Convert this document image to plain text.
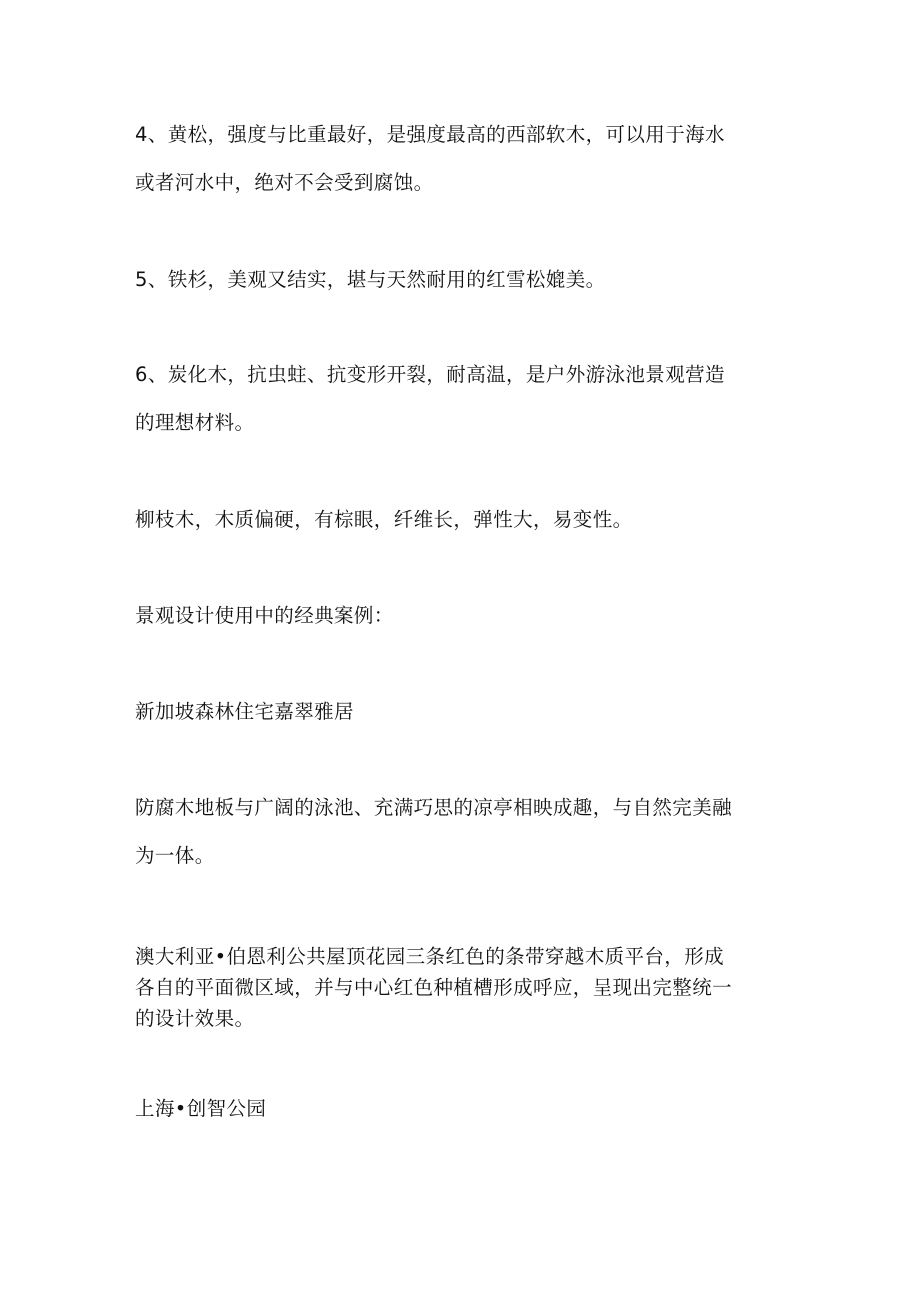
4、黄松，强度与比重最好，是强度最高的西部软木，可以用于海水
或者河水中，绝对不会受到腐蚀。

5、铁杉，美观又结实，堪与天然耐用的红雪松媲美。

6、炭化木，抗虫蛀、抗变形开裂，耐高温，是户外游泳池景观营造
的理想材料。

柳枝木，木质偏硬，有棕眼，纤维长，弹性大，易变性。

景观设计使用中的经典案例：

新加坡森林住宅嘉翠雅居

防腐木地板与广阔的泳池、充满巧思的凉亭相映成趣，与自然完美融
为一体。

澳大利亚•伯恩利公共屋顶花园三条红色的条带穿越木质平台，形成
各自的平面微区域，并与中心红色种植槽形成呼应，呈现出完整统一
的设计效果。

上海•创智公园
